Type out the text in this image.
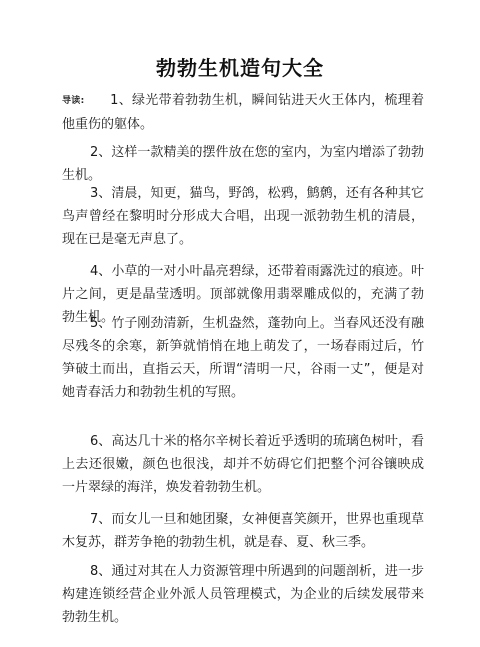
勃勃生机造句大全

导读: 1、绿光带着勃勃生机，瞬间钻进天火王体内，梳理着他重伤的躯体。

2、这样一款精美的摆件放在您的室内，为室内增添了勃勃生机。

3、清晨，知更，猫鸟，野鸽，松鸦，鹪鹩，还有各种其它鸟声曾经在黎明时分形成大合唱，出现一派勃勃生机的清晨，现在已是毫无声息了。

4、小草的一对小叶晶亮碧绿，还带着雨露洗过的痕迹。叶片之间，更是晶莹透明。顶部就像用翡翠雕成似的，充满了勃勃生机。

5、竹子刚劲清新，生机盎然，蓬勃向上。当春风还没有融尽残冬的余寒，新笋就悄悄在地上萌发了，一场春雨过后，竹笋破土而出，直指云天，所谓“清明一尺，谷雨一丈”，便是对她青春活力和勃勃生机的写照。

6、高达几十米的格尔辛树长着近乎透明的琉璃色树叶，看上去还很嫩，颜色也很浅，却并不妨碍它们把整个河谷镶映成一片翠绿的海洋，焕发着勃勃生机。

7、而女儿一旦和她团聚，女神便喜笑颜开，世界也重现草木复苏，群芳争艳的勃勃生机，就是春、夏、秋三季。

8、通过对其在人力资源管理中所遇到的问题剖析，进一步构建连锁经营企业外派人员管理模式，为企业的后续发展带来勃勃生机。
